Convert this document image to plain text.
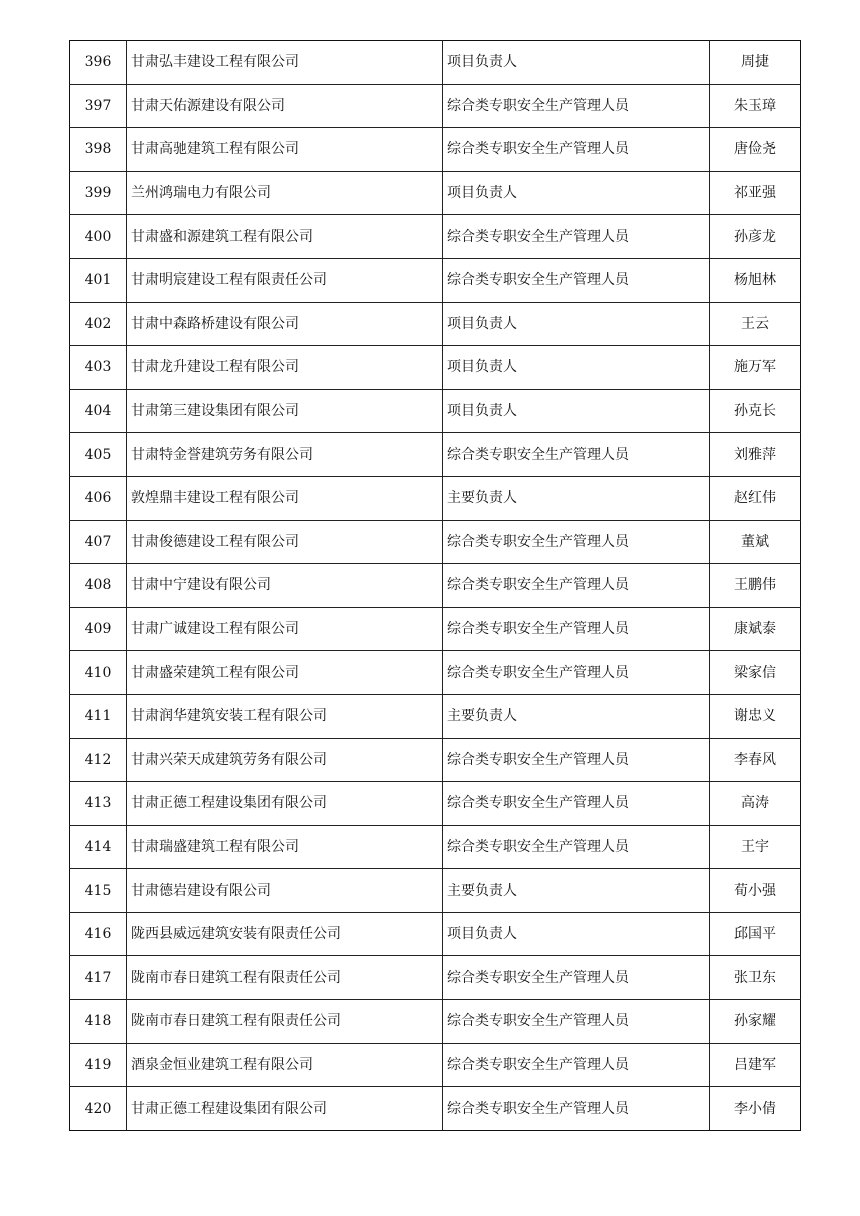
396	甘肃弘丰建设工程有限公司	项目负责人	周捷
397	甘肃天佑源建设有限公司	综合类专职安全生产管理人员	朱玉璋
398	甘肃高驰建筑工程有限公司	综合类专职安全生产管理人员	唐俭尧
399	兰州鸿瑞电力有限公司	项目负责人	祁亚强
400	甘肃盛和源建筑工程有限公司	综合类专职安全生产管理人员	孙彦龙
401	甘肃明宸建设工程有限责任公司	综合类专职安全生产管理人员	杨旭林
402	甘肃中森路桥建设有限公司	项目负责人	王云
403	甘肃龙升建设工程有限公司	项目负责人	施万军
404	甘肃第三建设集团有限公司	项目负责人	孙克长
405	甘肃特金誉建筑劳务有限公司	综合类专职安全生产管理人员	刘雅萍
406	敦煌鼎丰建设工程有限公司	主要负责人	赵红伟
407	甘肃俊德建设工程有限公司	综合类专职安全生产管理人员	董斌
408	甘肃中宁建设有限公司	综合类专职安全生产管理人员	王鹏伟
409	甘肃广诚建设工程有限公司	综合类专职安全生产管理人员	康斌泰
410	甘肃盛荣建筑工程有限公司	综合类专职安全生产管理人员	梁家信
411	甘肃润华建筑安装工程有限公司	主要负责人	谢忠义
412	甘肃兴荣天成建筑劳务有限公司	综合类专职安全生产管理人员	李春风
413	甘肃正德工程建设集团有限公司	综合类专职安全生产管理人员	高涛
414	甘肃瑞盛建筑工程有限公司	综合类专职安全生产管理人员	王宇
415	甘肃德岩建设有限公司	主要负责人	荀小强
416	陇西县威远建筑安装有限责任公司	项目负责人	邱国平
417	陇南市春日建筑工程有限责任公司	综合类专职安全生产管理人员	张卫东
418	陇南市春日建筑工程有限责任公司	综合类专职安全生产管理人员	孙家耀
419	酒泉金恒业建筑工程有限公司	综合类专职安全生产管理人员	吕建军
420	甘肃正德工程建设集团有限公司	综合类专职安全生产管理人员	李小倩
